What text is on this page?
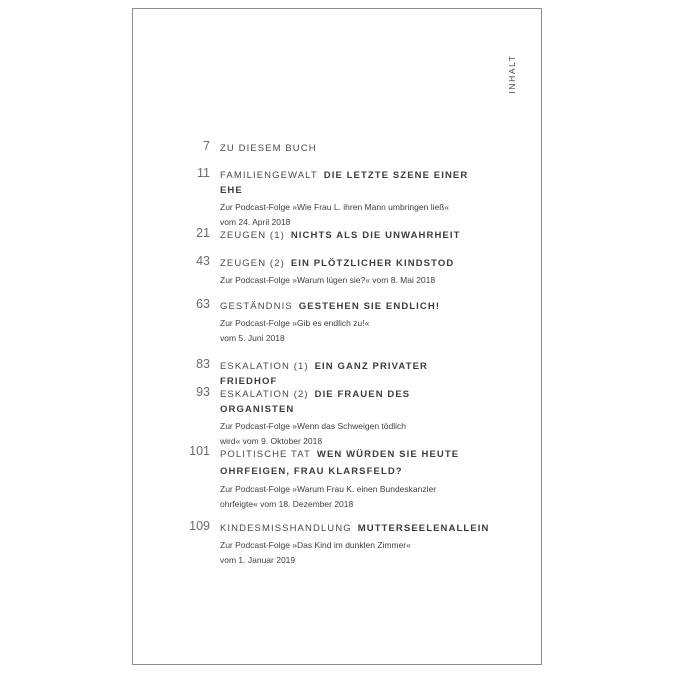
INHALT
7 ZU DIESEM BUCH
11 FAMILIENGEWALT DIE LETZTE SZENE EINER EHE
Zur Podcast-Folge »Wie Frau L. ihren Mann umbringen ließ«
vom 24. April 2018
21 ZEUGEN (1) NICHTS ALS DIE UNWAHRHEIT
43 ZEUGEN (2) EIN PLÖTZLICHER KINDSTOD
Zur Podcast-Folge »Warum lügen sie?« vom 8. Mai 2018
63 GESTÄNDNIS GESTEHEN SIE ENDLICH!
Zur Podcast-Folge »Gib es endlich zu!«
vom 5. Juni 2018
83 ESKALATION (1) EIN GANZ PRIVATER FRIEDHOF
93 ESKALATION (2) DIE FRAUEN DES ORGANISTEN
Zur Podcast-Folge »Wenn das Schweigen tödlich
wird« vom 9. Oktober 2018
101 POLITISCHE TAT WEN WÜRDEN SIE HEUTE OHRFEIGEN, FRAU KLARSFELD?
Zur Podcast-Folge »Warum Frau K. einen Bundeskanzler
ohrfeigte« vom 18. Dezember 2018
109 KINDESMISSHANDLUNG MUTTERSEELENALLEIN
Zur Podcast-Folge »Das Kind im dunklen Zimmer«
vom 1. Januar 2019
